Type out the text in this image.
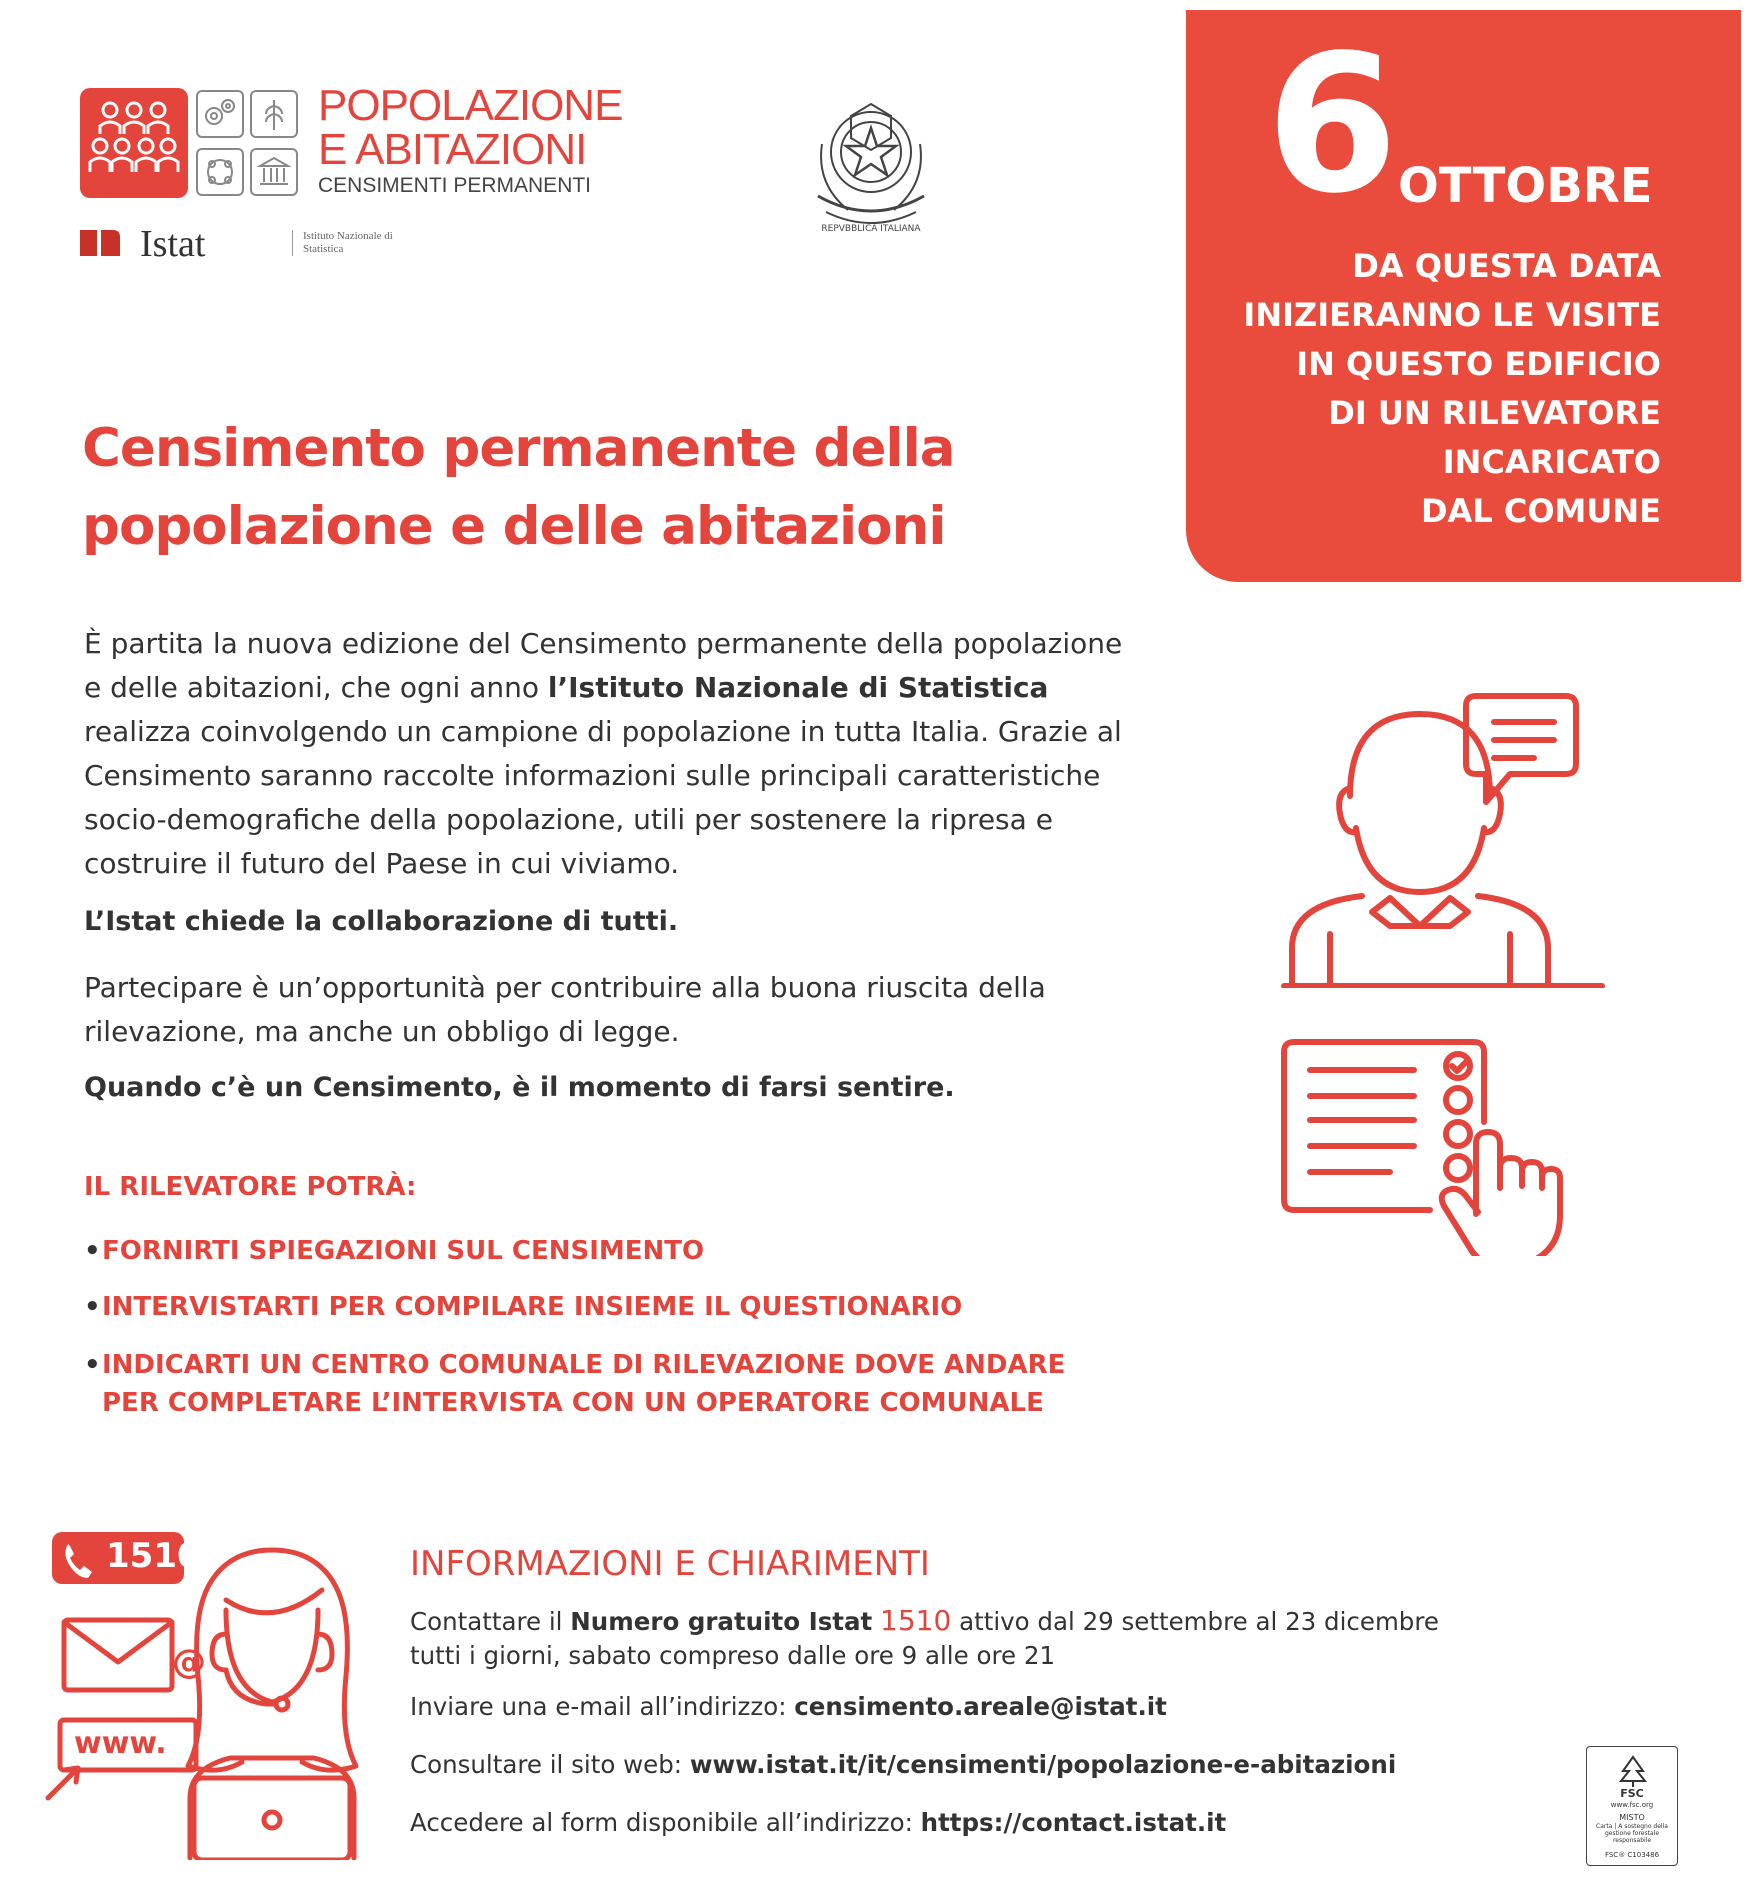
POPOLAZIONE
E ABITAZIONI
CENSIMENTI PERMANENTI
Istat	Istituto Nazionale di Statistica
REPVBBLICA ITALIANA 6 OTTOBRE
DA QUESTA DATA
INIZIERANNO LE VISITE
IN QUESTO EDIFICIO
DI UN RILEVATORE
INCARICATO
DAL COMUNE
Censimento permanente della
popolazione e delle abitazioni
È partita la nuova edizione del Censimento permanente della popolazione e delle abitazioni, che ogni anno l’Istituto Nazionale di Statistica realizza coinvolgendo un campione di popolazione in tutta Italia. Grazie al Censimento saranno raccolte informazioni sulle principali caratteristiche socio-demografiche della popolazione, utili per sostenere la ripresa e costruire il futuro del Paese in cui viviamo.
L’Istat chiede la collaborazione di tutti.
Partecipare è un’opportunità per contribuire alla buona riuscita della rilevazione, ma anche un obbligo di legge.
Quando c’è un Censimento, è il momento di farsi sentire.
IL RILEVATORE POTRÀ:
•FORNIRTI SPIEGAZIONI SUL CENSIMENTO
•INTERVISTARTI PER COMPILARE INSIEME IL QUESTIONARIO
•INDICARTI UN CENTRO COMUNALE DI RILEVAZIONE DOVE ANDARE PER COMPLETARE L’INTERVISTA CON UN OPERATORE COMUNALE
1510
@
www.
INFORMAZIONI E CHIARIMENTI
Contattare il Numero gratuito Istat 1510 attivo dal 29 settembre al 23 dicembre
tutti i giorni, sabato compreso dalle ore 9 alle ore 21
Inviare una e-mail all’indirizzo: censimento.areale@istat.it
Consultare il sito web: www.istat.it/it/censimenti/popolazione-e-abitazioni
Accedere al form disponibile all’indirizzo: https://contact.istat.it
FSC
www.fsc.org
MISTO
Carta | A sostegno della gestione forestale responsabile
FSC® C103486
